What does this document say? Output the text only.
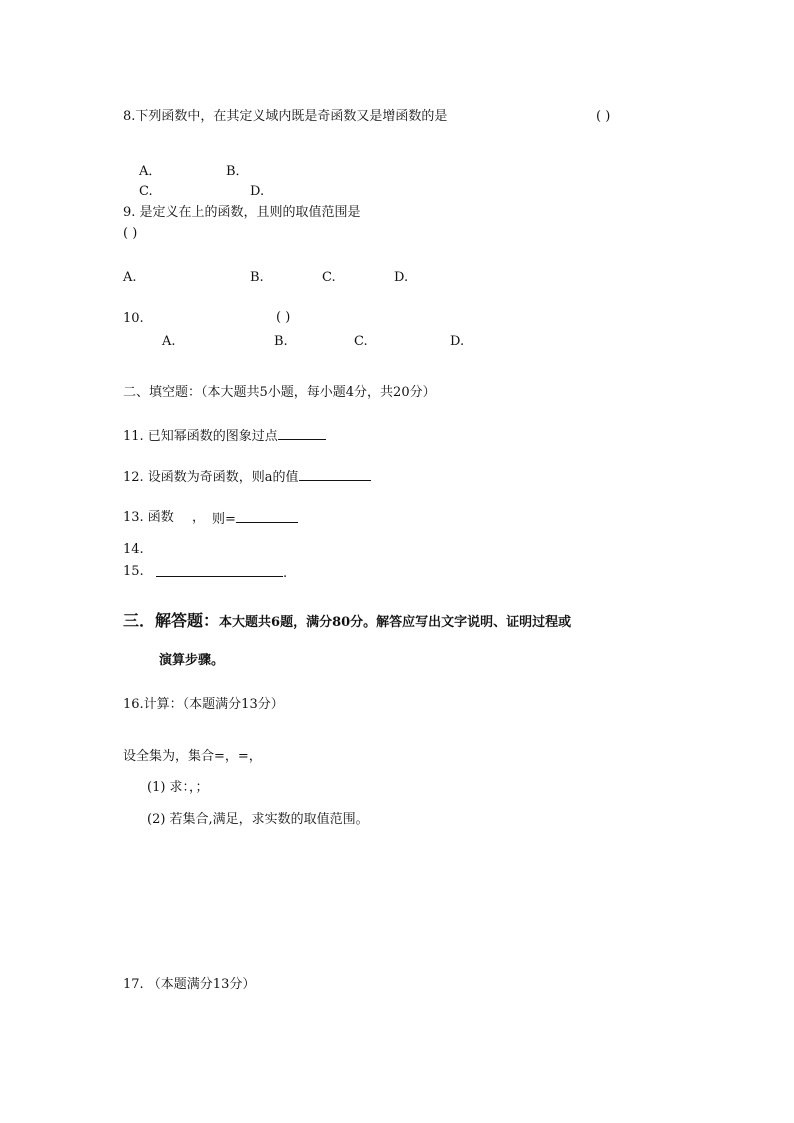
8.下列函数中，在其定义域内既是奇函数又是增函数的是	( )
A．	B．
C.	D.
9. 是定义在上的函数，且则的取值范围是
( )
A.	B.	C.	D.
10.	( )
A.	B.	C.	D.
二、填空题：（本大题共5小题，每小题4分，共20分）
11. 已知幂函数的图象过点
12. 设函数为奇函数，则a的值
13. 函数 ， 则=
14.
15.	.
三．解答题：本大题共6题，满分80分。解答应写出文字说明、证明过程或
演算步骤。
16.计算：（本题满分13分）
设全集为，集合=，=，
(1) 求：，；
(2) 若集合,满足，求实数的取值范围。
17. （本题满分13分）
